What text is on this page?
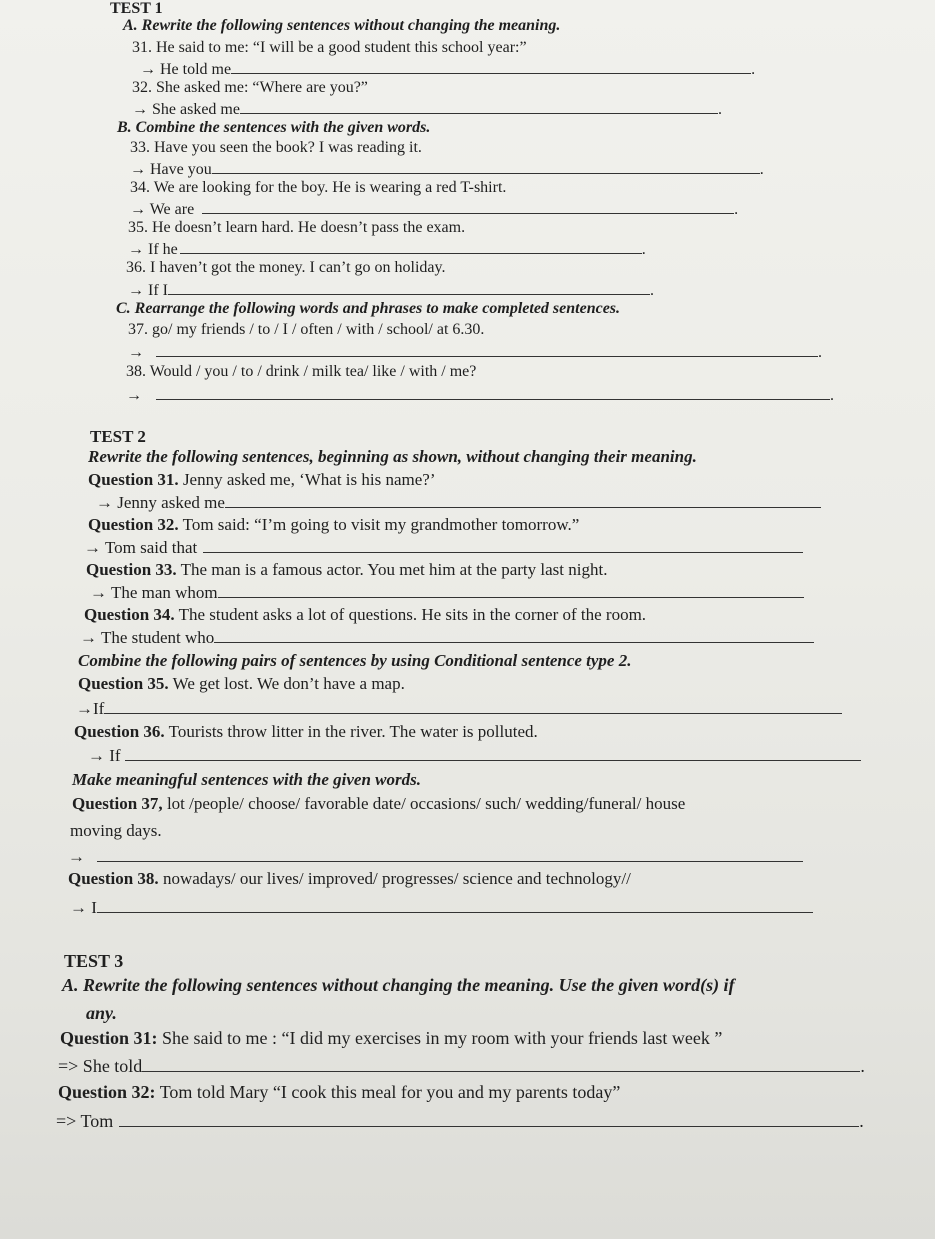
TEST 1
A. Rewrite the following sentences without changing the meaning.
31. He said to me: “I will be a good student this school year:”
→ He told me	.
32. She asked me: “Where are you?”
→ She asked me	.
B. Combine the sentences with the given words.
33. Have you seen the book? I was reading it.
→ Have you	.
34. We are looking for the boy. He is wearing a red T-shirt.
→ We are	.
35. He doesn’t learn hard. He doesn’t pass the exam.
→ If he	.
36. I haven’t got the money. I can’t go on holiday.
→ If I	.
C. Rearrange the following words and phrases to make completed sentences.
37. go/ my friends / to / I / often / with / school/ at 6.30.
→	.
38. Would / you / to / drink / milk tea/ like / with / me?
→	.
TEST 2
Rewrite the following sentences, beginning as shown, without changing their meaning.
Question 31. Jenny asked me, ‘What is his name?’
→ Jenny asked me
Question 32. Tom said: “I’m going to visit my grandmother tomorrow.”
→ Tom said that
Question 33. The man is a famous actor. You met him at the party last night.
→ The man whom
Question 34. The student asks a lot of questions. He sits in the corner of the room.
→ The student who
Combine the following pairs of sentences by using Conditional sentence type 2.
Question 35. We get lost. We don’t have a map.
→If
Question 36. Tourists throw litter in the river. The water is polluted.
→ If
Make meaningful sentences with the given words.
Question 37, lot /people/ choose/ favorable date/ occasions/ such/ wedding/funeral/ house
moving days.
→
Question 38. nowadays/ our lives/ improved/ progresses/ science and technology//
→ I
TEST 3
A. Rewrite the following sentences without changing the meaning. Use the given word(s) if
any.
Question 31: She said to me : “I did my exercises in my room with your friends last week ”
=> She told	.
Question 32: Tom told Mary “I cook this meal for you and my parents today”
=> Tom	.
